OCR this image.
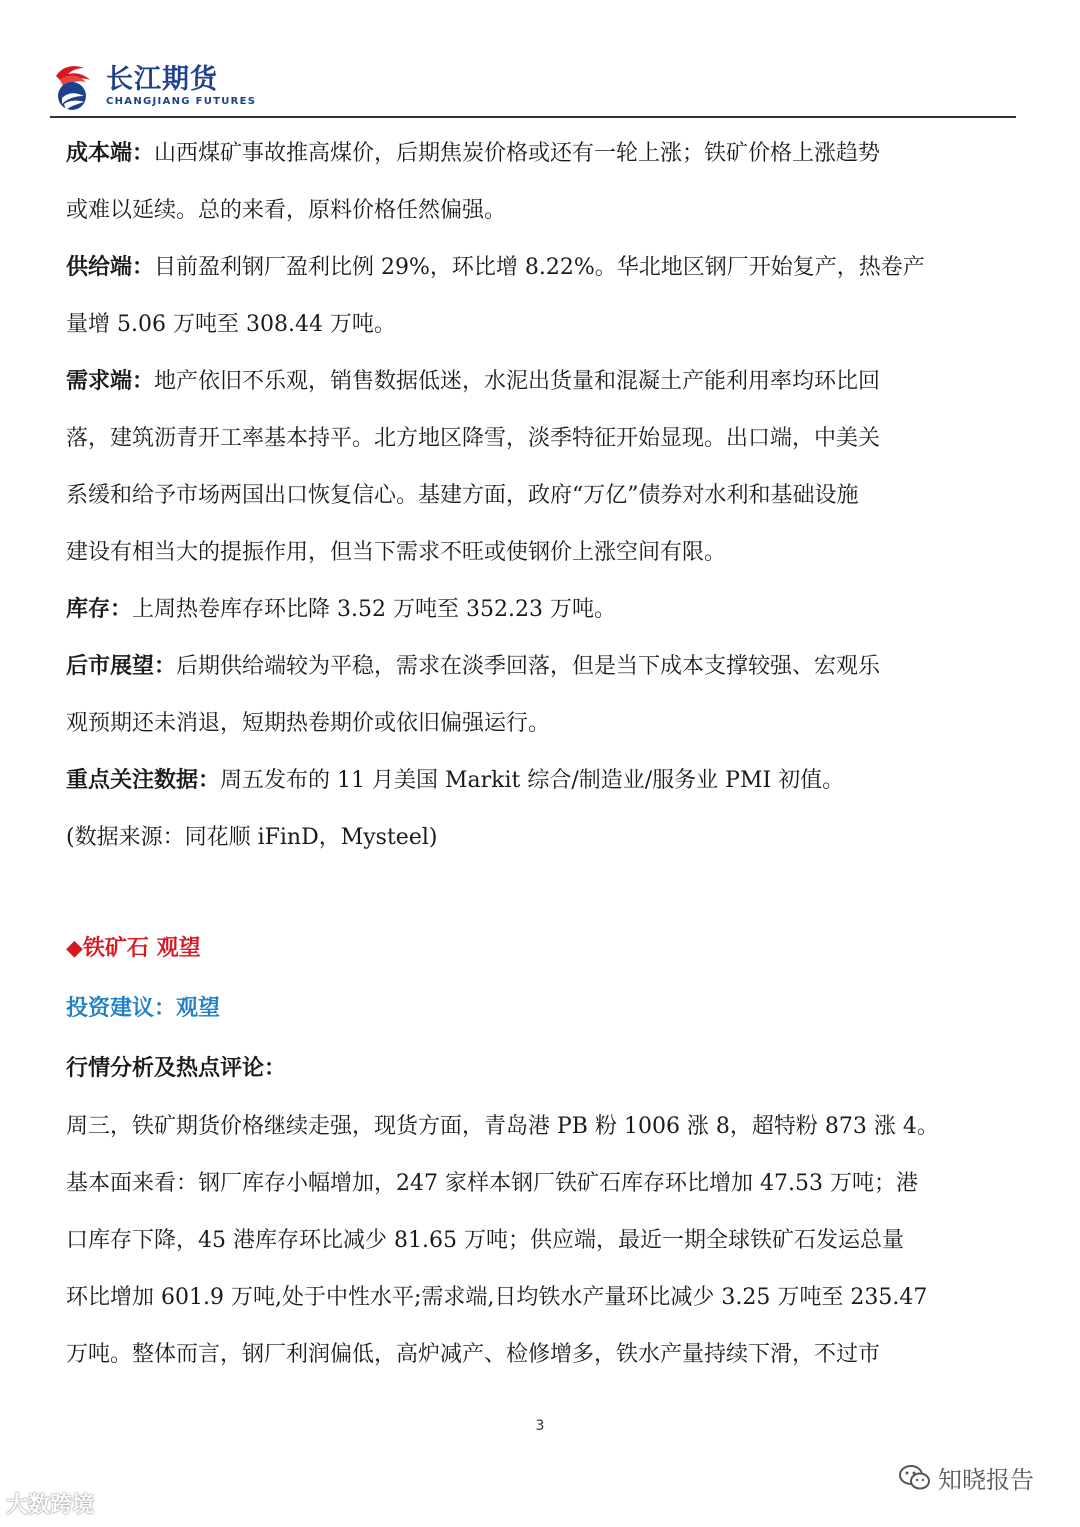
长江期货
CHANGJIANG FUTURES

成本端：山西煤矿事故推高煤价，后期焦炭价格或还有一轮上涨；铁矿价格上涨趋势

或难以延续。总的来看，原料价格任然偏强。

供给端：目前盈利钢厂盈利比例 29%，环比增 8.22%。华北地区钢厂开始复产，热卷产

量增 5.06 万吨至 308.44 万吨。

需求端：地产依旧不乐观，销售数据低迷，水泥出货量和混凝土产能利用率均环比回

落，建筑沥青开工率基本持平。北方地区降雪，淡季特征开始显现。出口端，中美关

系缓和给予市场两国出口恢复信心。基建方面，政府“万亿”债券对水利和基础设施

建设有相当大的提振作用，但当下需求不旺或使钢价上涨空间有限。

库存：上周热卷库存环比降 3.52 万吨至 352.23 万吨。

后市展望：后期供给端较为平稳，需求在淡季回落，但是当下成本支撑较强、宏观乐

观预期还未消退，短期热卷期价或依旧偏强运行。

重点关注数据：周五发布的 11 月美国 Markit 综合/制造业/服务业 PMI 初值。

(数据来源：同花顺 iFinD，Mysteel)

◆铁矿石 观望

投资建议：观望

行情分析及热点评论：

周三，铁矿期货价格继续走强，现货方面，青岛港 PB 粉 1006 涨 8，超特粉 873 涨 4。

基本面来看：钢厂库存小幅增加，247 家样本钢厂铁矿石库存环比增加 47.53 万吨；港

口库存下降，45 港库存环比减少 81.65 万吨；供应端，最近一期全球铁矿石发运总量

环比增加 601.9 万吨,处于中性水平;需求端,日均铁水产量环比减少 3.25 万吨至 235.47

万吨。整体而言，钢厂利润偏低，高炉减产、检修增多，铁水产量持续下滑，不过市

3
大数跨境
知晓报告
